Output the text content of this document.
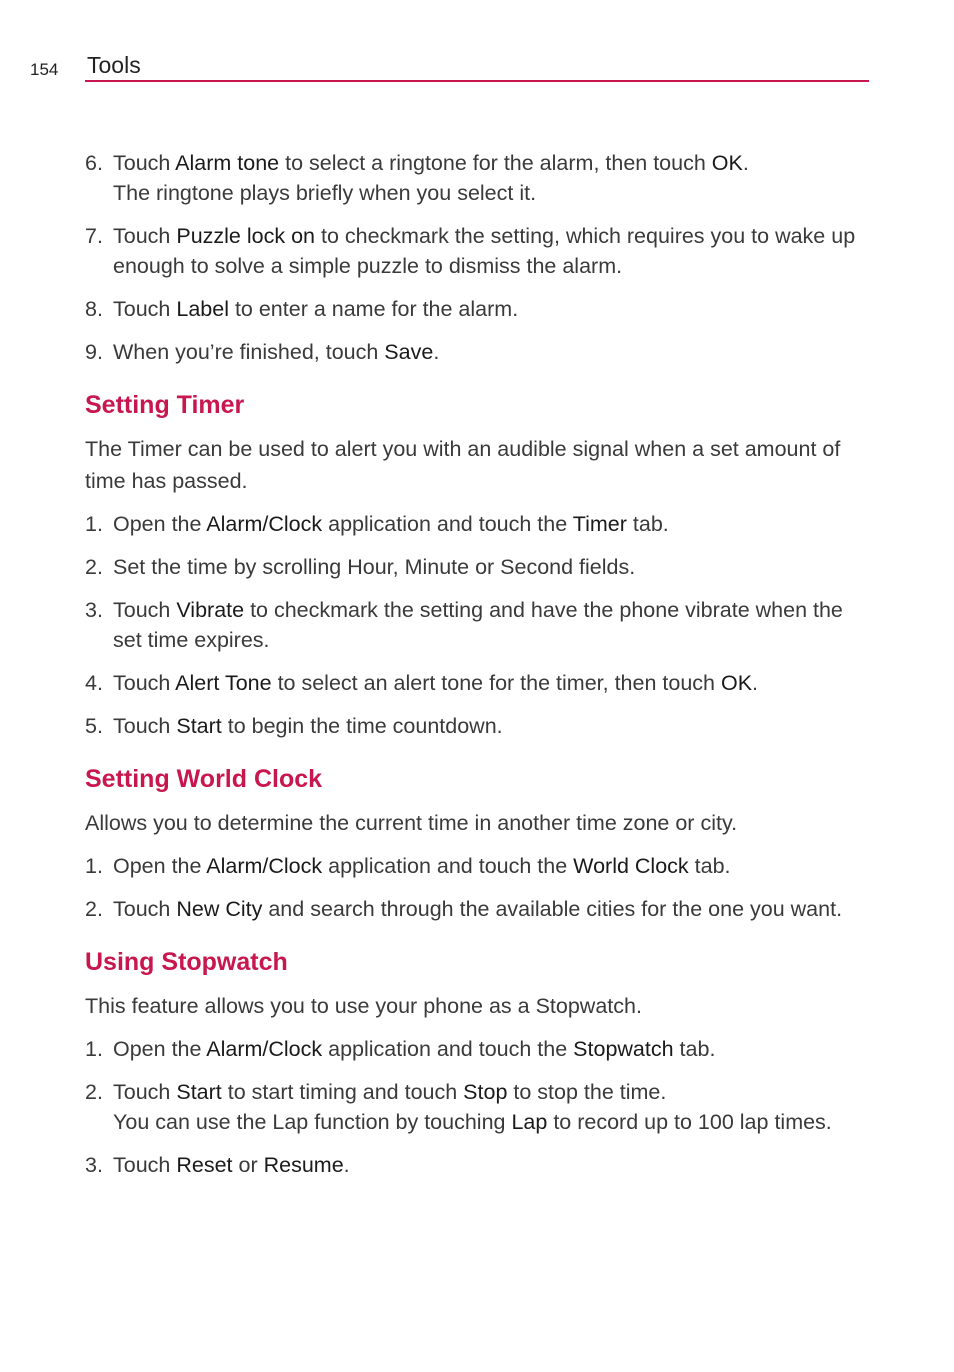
154 Tools
6. Touch Alarm tone to select a ringtone for the alarm, then touch OK.
The ringtone plays briefly when you select it.
7. Touch Puzzle lock on to checkmark the setting, which requires you to wake up enough to solve a simple puzzle to dismiss the alarm.
8. Touch Label to enter a name for the alarm.
9. When you’re finished, touch Save.
Setting Timer

The Timer can be used to alert you with an audible signal when a set amount of time has passed.

1. Open the Alarm/Clock application and touch the Timer tab.
2. Set the time by scrolling Hour, Minute or Second fields.
3. Touch Vibrate to checkmark the setting and have the phone vibrate when the set time expires.
4. Touch Alert Tone to select an alert tone for the timer, then touch OK.
5. Touch Start to begin the time countdown.
Setting World Clock

Allows you to determine the current time in another time zone or city.

1. Open the Alarm/Clock application and touch the World Clock tab.
2. Touch New City and search through the available cities for the one you want.
Using Stopwatch

This feature allows you to use your phone as a Stopwatch.

1. Open the Alarm/Clock application and touch the Stopwatch tab.
2. Touch Start to start timing and touch Stop to stop the time.
You can use the Lap function by touching Lap to record up to 100 lap times.
3. Touch Reset or Resume.
